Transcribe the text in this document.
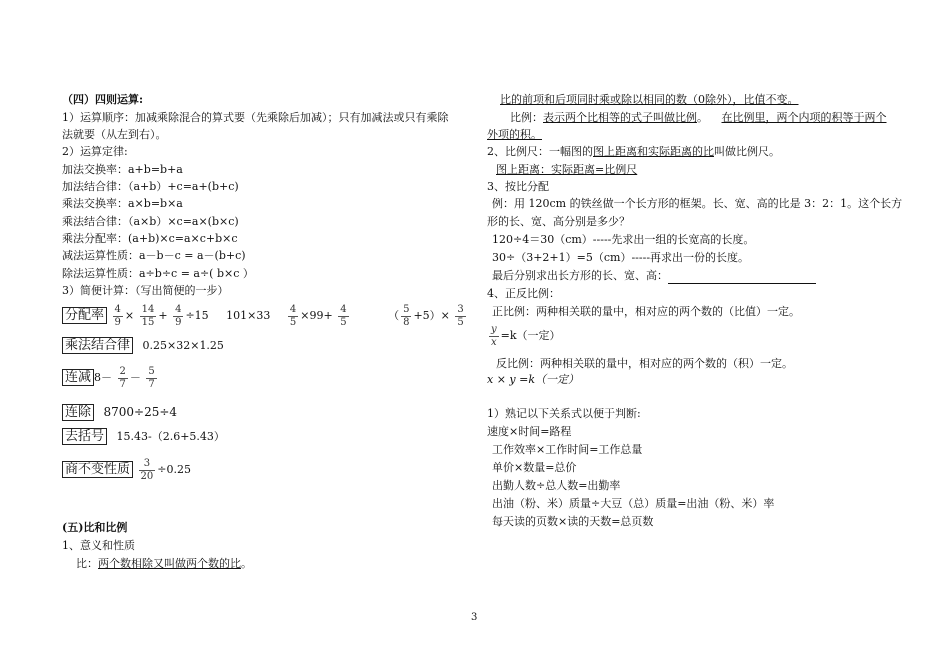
（四）四则运算:
1）运算顺序：加减乘除混合的算式要（先乘除后加减）；只有加减法或只有乘除
法就要（从左到右）。
2）运算定律:
加法交换率：a+b=b+a
加法结合律：（a+b）+c=a+(b+c)
乘法交换率：a×b=b×a
乘法结合律：（a×b）×c=a×(b×c)
乘法分配率：(a+b)×c=a×c+b×c
减法运算性质：a－b－c = a－(b+c)
除法运算性质：a÷b÷c = a÷( b×c ）
3）简便计算：（写出简便的一步）
分配率 $\frac{4}{9} \times \frac{14}{15} + \frac{4}{9} \div 15$ $101\times 33 \frac{4}{5} \times 99+ \frac{4}{5}$	（ $\frac{5}{8} +5)\times \frac{3}{5}$
乘法结合律 0.25×32×1.25
连减 $8- \frac{2}{7} - \frac{5}{7}$
连除 8700÷25÷4
去括号 15.43-（2.6+5.43）
商不变性质 $\frac{3}{20} \div 0.25$
(五)比和比例
1、意义和性质
比：两个数相除又叫做两个数的比。
比的前项和后项同时乘或除以相同的数（0除外），比值不变。
比例：表示两个比相等的式子叫做比例。 在比例里，两个内项的积等于两个
外项的积。
2、比例尺：一幅图的图上距离和实际距离的比叫做比例尺。
图上距离：实际距离=比例尺
3、按比分配
例：用 120cm 的铁丝做一个长方形的框架。长、宽、高的比是 3：2：1。这个长方
形的长、宽、高分别是多少？
120÷4＝30（cm）-----先求出一组的长宽高的长度。
30÷（3+2+1）=5（cm）-----再求出一份的长度。
最后分别求出长方形的长、宽、高：
4、正反比例：
正比例：两种相关联的量中，相对应的两个数的（比值）一定。
$\frac{y}{x} =k$（一定）
反比例：两种相关联的量中，相对应的两个数的（积）一定。
x × y =k（一定）
1）熟记以下关系式以便于判断:
速度×时间=路程
工作效率×工作时间=工作总量
单价×数量=总价
出勤人数÷总人数=出勤率
出油（粉、米）质量÷大豆（总）质量=出油（粉、米）率
每天读的页数×读的天数=总页数
3
